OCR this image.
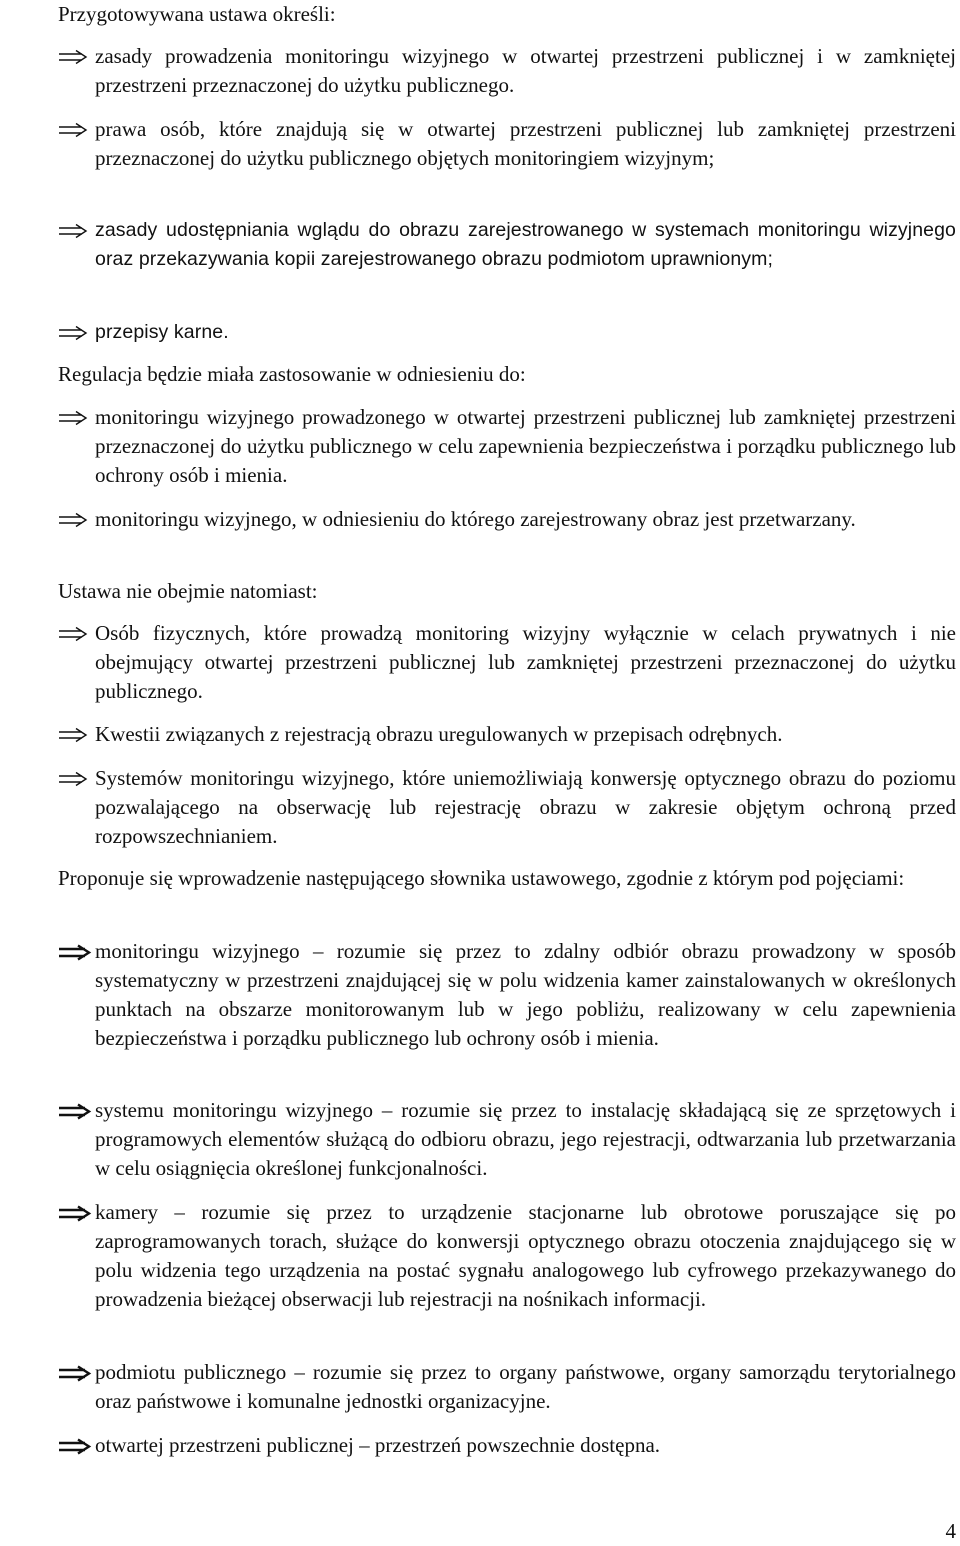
Przygotowywana ustawa określi:

zasady prowadzenia monitoringu wizyjnego w otwartej przestrzeni publicznej i w zamkniętej przestrzeni przeznaczonej do użytku publicznego.

prawa osób, które znajdują się w otwartej przestrzeni publicznej lub zamkniętej przestrzeni przeznaczonej do użytku publicznego objętych monitoringiem wizyjnym;

zasady udostępniania wglądu do obrazu zarejestrowanego w systemach monitoringu wizyjnego oraz przekazywania kopii zarejestrowanego obrazu podmiotom uprawnionym;

przepisy karne.

Regulacja będzie miała zastosowanie w odniesieniu do:

monitoringu wizyjnego prowadzonego w otwartej przestrzeni publicznej lub zamkniętej przestrzeni przeznaczonej do użytku publicznego w celu zapewnienia bezpieczeństwa i porządku publicznego lub ochrony osób i mienia.

monitoringu wizyjnego, w odniesieniu do którego zarejestrowany obraz jest przetwarzany.

Ustawa nie obejmie natomiast:

Osób fizycznych, które prowadzą monitoring wizyjny wyłącznie w celach prywatnych i nie obejmujący otwartej przestrzeni publicznej lub zamkniętej przestrzeni przeznaczonej do użytku publicznego.

Kwestii związanych z rejestracją obrazu uregulowanych w przepisach odrębnych.

Systemów monitoringu wizyjnego, które uniemożliwiają konwersję optycznego obrazu do poziomu pozwalającego na obserwację lub rejestrację obrazu w zakresie objętym ochroną przed rozpowszechnianiem.

Proponuje się wprowadzenie następującego słownika ustawowego, zgodnie z którym pod pojęciami:

monitoringu wizyjnego – rozumie się przez to zdalny odbiór obrazu prowadzony w sposób systematyczny w przestrzeni znajdującej się w polu widzenia kamer zainstalowanych w określonych punktach na obszarze monitorowanym lub w jego pobliżu, realizowany w celu zapewnienia bezpieczeństwa i porządku publicznego lub ochrony osób i mienia.

systemu monitoringu wizyjnego – rozumie się przez to instalację składającą się ze sprzętowych i programowych elementów służącą do odbioru obrazu, jego rejestracji, odtwarzania lub przetwarzania w celu osiągnięcia określonej funkcjonalności.

kamery – rozumie się przez to urządzenie stacjonarne lub obrotowe poruszające się po zaprogramowanych torach, służące do konwersji optycznego obrazu otoczenia znajdującego się w polu widzenia tego urządzenia na postać sygnału analogowego lub cyfrowego przekazywanego do prowadzenia bieżącej obserwacji lub rejestracji na nośnikach informacji.

podmiotu publicznego – rozumie się przez to organy państwowe, organy samorządu terytorialnego oraz państwowe i komunalne jednostki organizacyjne.

otwartej przestrzeni publicznej – przestrzeń powszechnie dostępna.

4
